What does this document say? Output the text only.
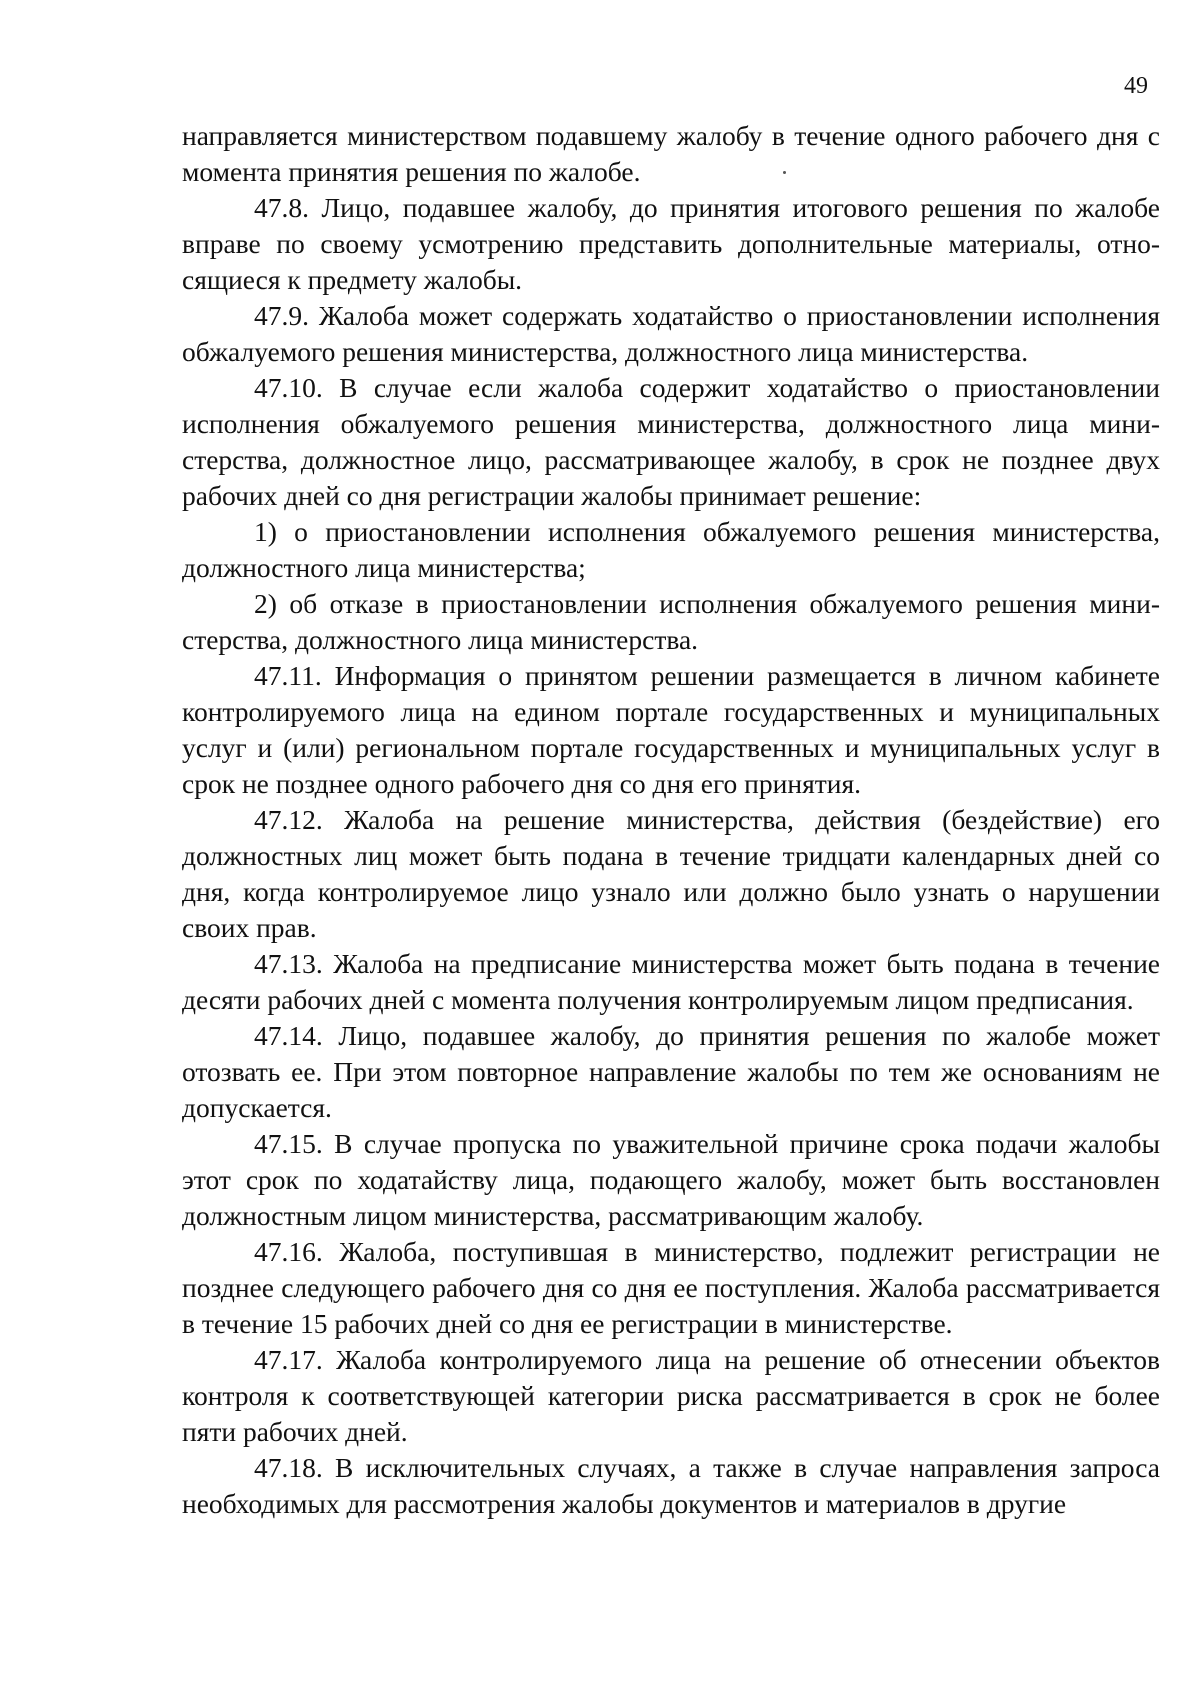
49

направляется министерством подавшему жалобу в течение одного рабочего дня с момента принятия решения по жалобе.

47.8. Лицо, подавшее жалобу, до принятия итогового решения по жалобе вправе по своему усмотрению представить дополнительные материалы, относящиеся к предмету жалобы.

47.9. Жалоба может содержать ходатайство о приостановлении исполнения обжалуемого решения министерства, должностного лица министерства.

47.10. В случае если жалоба содержит ходатайство о приостановлении исполнения обжалуемого решения министерства, должностного лица министерства, должностное лицо, рассматривающее жалобу, в срок не позднее двух рабочих дней со дня регистрации жалобы принимает решение:

1) о приостановлении исполнения обжалуемого решения министерства, должностного лица министерства;

2) об отказе в приостановлении исполнения обжалуемого решения министерства, должностного лица министерства.

47.11. Информация о принятом решении размещается в личном кабинете контролируемого лица на едином портале государственных и муниципальных услуг и (или) региональном портале государственных и муниципальных услуг в срок не позднее одного рабочего дня со дня его принятия.

47.12. Жалоба на решение министерства, действия (бездействие) его должностных лиц может быть подана в течение тридцати календарных дней со дня, когда контролируемое лицо узнало или должно было узнать о нарушении своих прав.

47.13. Жалоба на предписание министерства может быть подана в течение десяти рабочих дней с момента получения контролируемым лицом предписания.

47.14. Лицо, подавшее жалобу, до принятия решения по жалобе может отозвать ее. При этом повторное направление жалобы по тем же основаниям не допускается.

47.15. В случае пропуска по уважительной причине срока подачи жалобы этот срок по ходатайству лица, подающего жалобу, может быть восстановлен должностным лицом министерства, рассматривающим жалобу.

47.16. Жалоба, поступившая в министерство, подлежит регистрации не позднее следующего рабочего дня со дня ее поступления. Жалоба рассматривается в течение 15 рабочих дней со дня ее регистрации в министерстве.

47.17. Жалоба контролируемого лица на решение об отнесении объектов контроля к соответствующей категории риска рассматривается в срок не более пяти рабочих дней.

47.18. В исключительных случаях, а также в случае направления запроса необходимых для рассмотрения жалобы документов и материалов в другие
